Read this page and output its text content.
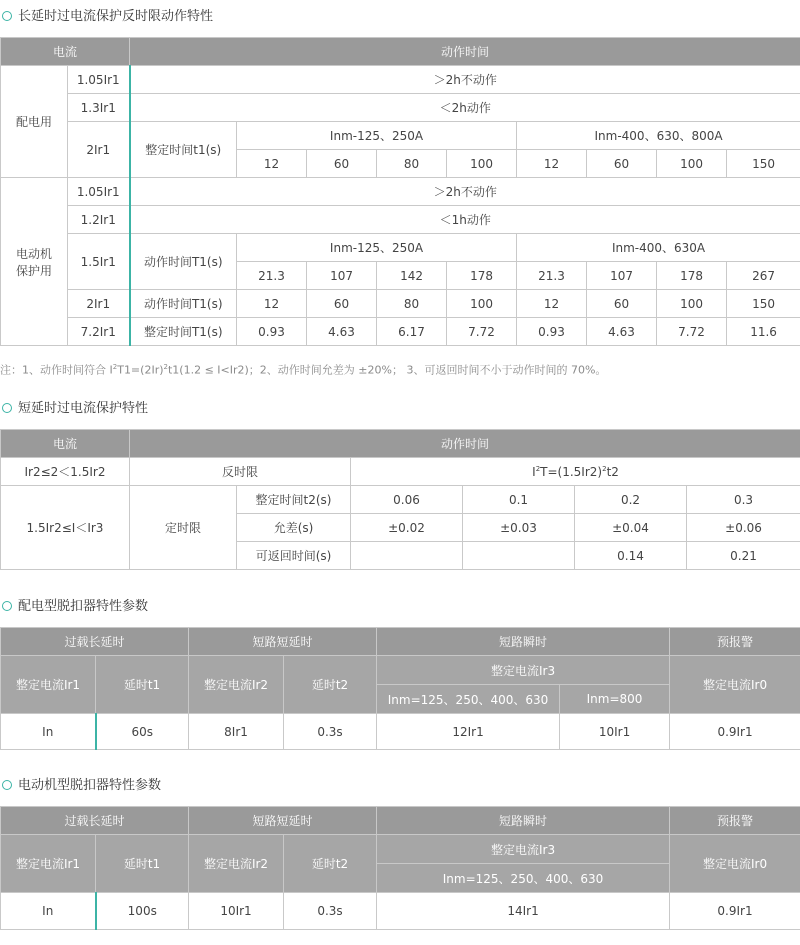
长延时过电流保护反时限动作特性
电流		动作时间								
配电用	1.05Ir1	＞2h不动作								
	1.3Ir1	＜2h动作								
	2Ir1	整定时间t1(s)	Inm-125、250A				Inm-400、630、800A			
			12	60	80	100	12	60	100	150
电动机
保护用	1.05Ir1	＞2h不动作								
	1.2Ir1	＜1h动作								
	1.5Ir1	动作时间T1(s)	Inm-125、250A				Inm-400、630A			
			21.3	107	142	178	21.3	107	178	267
	2Ir1	动作时间T1(s)	12	60	80	100	12	60	100	150
	7.2Ir1	整定时间T1(s)	0.93	4.63	6.17	7.72	0.93	4.63	7.72	11.6
注：1、动作时间符合 $I^2T1=(2Ir)^2t1(1.2 \le I<Ir2)$；2、动作时间允差为 ±20%； 3、可返回时间不小于动作时间的 70%。
短延时过电流保护特性
电流	动作时间					
Ir2≤2＜1.5Ir2	反时限		$I^2T=(1.5Ir2)^2t2$			
1.5Ir2≤I＜Ir3	定时限	整定时间t2(s)	0.06	0.1	0.2	0.3
		允差(s)	±0.02	±0.03	±0.04	±0.06
		可返回时间(s)			0.14	0.21
配电型脱扣器特性参数
过载长延时		短路短延时		短路瞬时		预报警
整定电流Ir1	延时t1	整定电流Ir2	延时t2	整定电流Ir3		整定电流Ir0
				Inm=125、250、400、630	Inm=800	
In	60s	8Ir1	0.3s	12Ir1	10Ir1	0.9Ir1
电动机型脱扣器特性参数
过载长延时		短路短延时		短路瞬时	预报警
整定电流Ir1	延时t1	整定电流Ir2	延时t2	整定电流Ir3	整定电流Ir0
				Inm=125、250、400、630	
In	100s	10Ir1	0.3s	14Ir1	0.9Ir1
